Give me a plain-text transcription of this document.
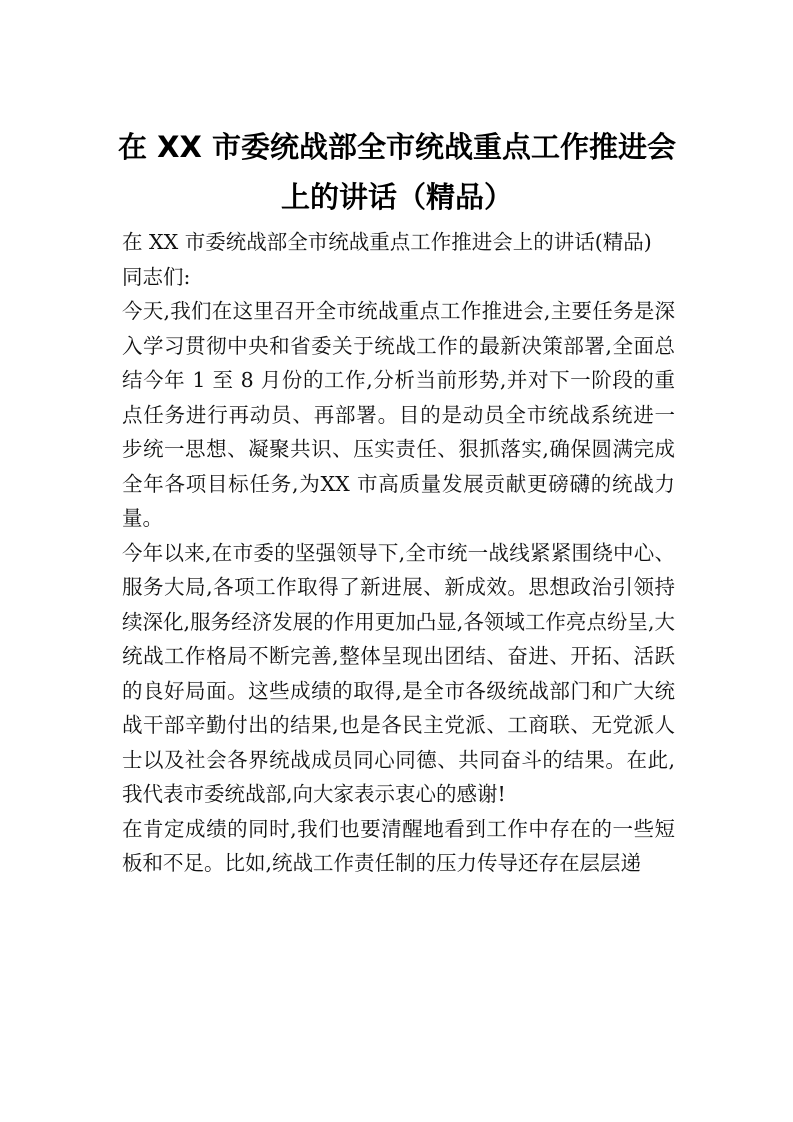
在 XX 市委统战部全市统战重点工作推进会上的讲话（精品）

在 XX 市委统战部全市统战重点工作推进会上的讲话(精品)

同志们:

今天,我们在这里召开全市统战重点工作推进会,主要任务是深入学习贯彻中央和省委关于统战工作的最新决策部署,全面总结今年 1 至 8 月份的工作,分析当前形势,并对下一阶段的重点任务进行再动员、再部署。目的是动员全市统战系统进一步统一思想、凝聚共识、压实责任、狠抓落实,确保圆满完成全年各项目标任务,为XX 市高质量发展贡献更磅礴的统战力量。

今年以来,在市委的坚强领导下,全市统一战线紧紧围绕中心、服务大局,各项工作取得了新进展、新成效。思想政治引领持续深化,服务经济发展的作用更加凸显,各领域工作亮点纷呈,大统战工作格局不断完善,整体呈现出团结、奋进、开拓、活跃的良好局面。这些成绩的取得,是全市各级统战部门和广大统战干部辛勤付出的结果,也是各民主党派、工商联、无党派人士以及社会各界统战成员同心同德、共同奋斗的结果。在此,我代表市委统战部,向大家表示衷心的感谢!

在肯定成绩的同时,我们也要清醒地看到工作中存在的一些短板和不足。比如,统战工作责任制的压力传导还存在层层递
